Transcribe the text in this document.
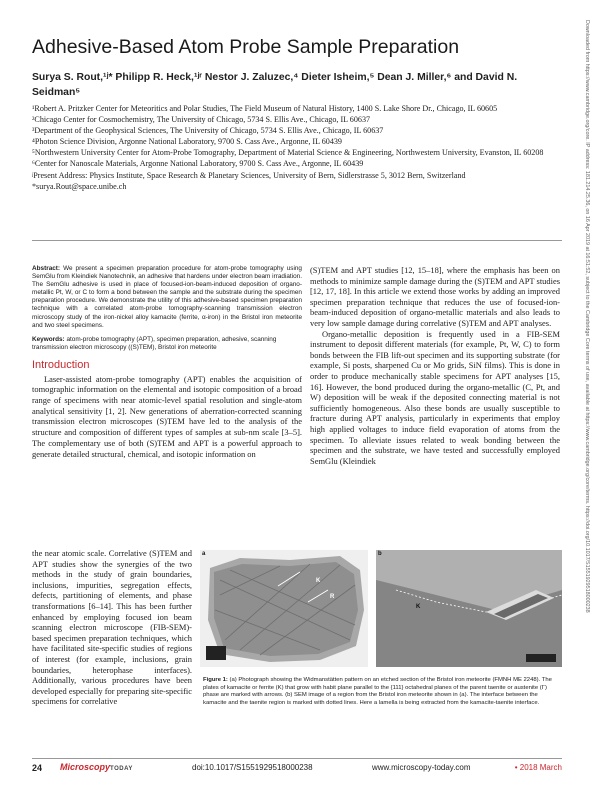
Adhesive-Based Atom Probe Sample Preparation
Surya S. Rout,¹ʲ* Philipp R. Heck,¹ʲʳ Nestor J. Zaluzec,⁴ Dieter Isheim,⁵ Dean J. Miller,⁶ and David N. Seidman⁵
¹Robert A. Pritzker Center for Meteoritics and Polar Studies, The Field Museum of Natural History, 1400 S. Lake Shore Dr., Chicago, IL 60605
²Chicago Center for Cosmochemistry, The University of Chicago, 5734 S. Ellis Ave., Chicago, IL 60637
³Department of the Geophysical Sciences, The University of Chicago, 5734 S. Ellis Ave., Chicago, IL 60637
⁴Photon Science Division, Argonne National Laboratory, 9700 S. Cass Ave., Argonne, IL 60439
⁵Northwestern University Center for Atom-Probe Tomography, Department of Material Science & Engineering, Northwestern University, Evanston, IL 60208
⁶Center for Nanoscale Materials, Argonne National Laboratory, 9700 S. Cass Ave., Argonne, IL 60439
ʲPresent Address: Physics Institute, Space Research & Planetary Sciences, University of Bern, Sidlerstrasse 5, 3012 Bern, Switzerland
*surya.Rout@space.unibe.ch
Abstract: We present a specimen preparation procedure for atom-probe tomography using SemGlu from Kleindiek Nanotechnik, an adhesive that hardens under electron beam irradiation. The SemGlu adhesive is used in place of focused-ion-beam-induced deposition of organo-metallic Pt, W, or C to form a bond between the sample and the substrate during the specimen preparation procedure. We demonstrate the utility of this adhesive-based specimen preparation technique with a correlated atom-probe tomography-scanning transmission electron microscopy study of the iron-nickel alloy kamacite (ferrite, α-iron) in the Bristol iron meteorite and two steel specimens.
Keywords: atom-probe tomography (APT), specimen preparation, adhesive, scanning transmission electron microscopy ((S)TEM), Bristol iron meteorite
Introduction
Laser-assisted atom-probe tomography (APT) enables the acquisition of tomographic information on the elemental and isotopic composition of a broad range of specimens with near atomic-level spatial resolution and single-atom analytical sensitivity [1, 2]. New generations of aberration-corrected scanning transmission electron microscopes (S)TEM have led to the analysis of the structure and composition of different types of samples at sub-nm scale [3–5]. The complementary use of both (S)TEM and APT is a powerful approach to generate detailed structural, chemical, and isotopic information on
the near atomic scale. Correlative (S)TEM and APT studies show the synergies of the two methods in the study of grain boundaries, inclusions, impurities, segregation effects, defects, partitioning of elements, and phase transformations [6–14]. This has been further enhanced by employing focused ion beam scanning electron microscope (FIB-SEM)-based specimen preparation techniques, which have facilitated site-specific studies of regions of interest (for example, inclusions, grain boundaries, heterophase interfaces). Additionally, various procedures have been developed especially for preparing site-specific specimens for correlative
(S)TEM and APT studies [12, 15–18], where the emphasis has been on methods to minimize sample damage during the (S)TEM and APT studies [12, 17, 18]. In this article we extend those works by adding an improved specimen preparation technique that reduces the use of focused-ion-beam-induced deposition of organo-metallic materials and also leads to very low sample damage during correlative (S)TEM and APT analyses.
Organo-metallic deposition is frequently used in a FIB-SEM instrument to deposit different materials (for example, Pt, W, C) to form bonds between the FIB lift-out specimen and its supporting substrate (for example, Si posts, sharpened Cu or Mo grids, SiN films). This is done in order to produce mechanically stable specimens for APT analyses [15, 16]. However, the bond produced during the organo-metallic (C, Pt, and W) deposition will be weak if the deposited connecting material is not sufficiently homogeneous. Also these bonds are usually susceptible to fracture during APT analysis, particularly in experiments that employ high applied voltages to induce field evaporation of atoms from the specimen. To alleviate issues related to weak bonding between the specimen and the substrate, we have tested and successfully employed SemGlu (Kleindiek
a
K
R
b
K
Figure 1: (a) Photograph showing the Widmanstätten pattern on an etched section of the Bristol iron meteorite (FMNH ME 2248). The plates of kamacite or ferrite (K) that grow with habit plane parallel to the {111} octahedral planes of the parent taenite or austenite (Γ) phase are marked with arrows. (b) SEM image of a region from the Bristol iron meteorite shown in (a). The interface between the kamacite and the taenite region is marked with dotted lines. Here a lamella is being extracted from the kamacite-taenite interface.
24 MicroscopyTODAY	doi:10.1017/S1551929518000238	www.microscopy-today.com	• 2018 March
Downloaded from https://www.cambridge.org/core. IP address: 181.214.25.36, on 16 Apr 2019 at 16:51:52, subject to the Cambridge Core terms of use, available at https://www.cambridge.org/core/terms. https://doi.org/10.1017/S1551929518000238
